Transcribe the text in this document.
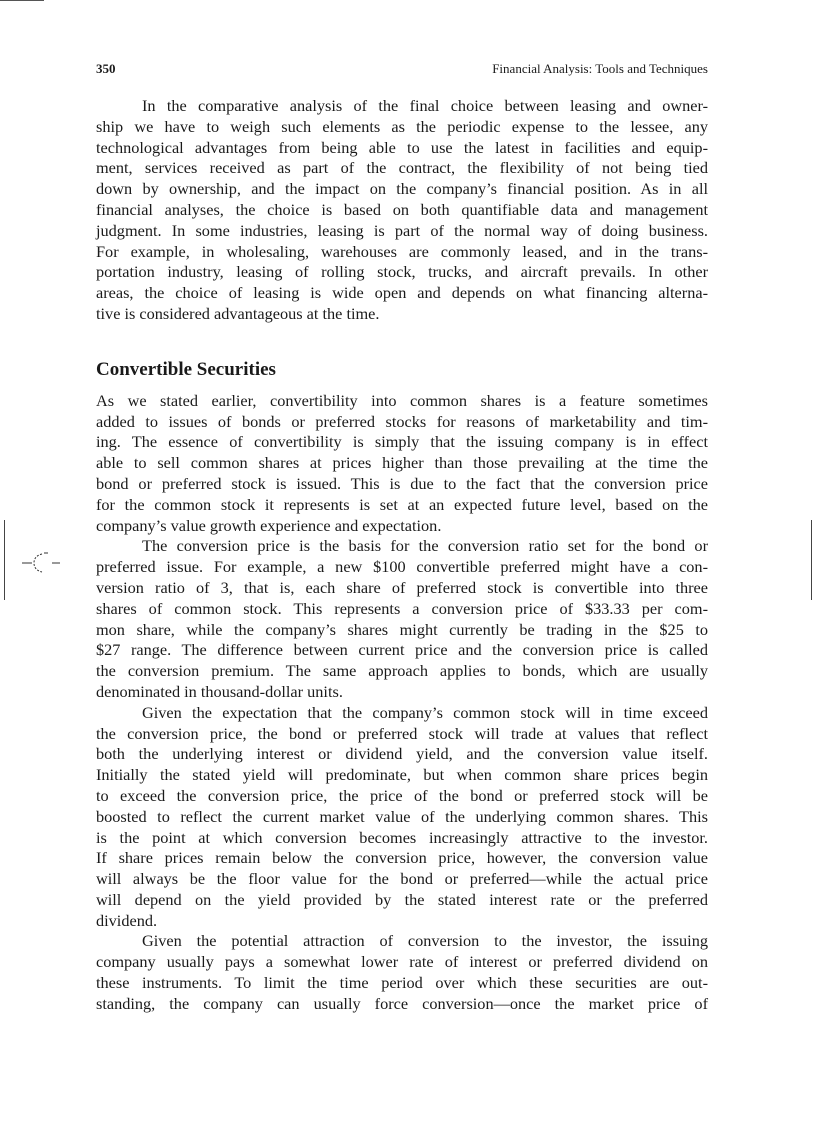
350	Financial Analysis: Tools and Techniques

In the comparative analysis of the final choice between leasing and owner-

ship we have to weigh such elements as the periodic expense to the lessee, any

technological advantages from being able to use the latest in facilities and equip-

ment, services received as part of the contract, the flexibility of not being tied

down by ownership, and the impact on the company’s financial position. As in all

financial analyses, the choice is based on both quantifiable data and management

judgment. In some industries, leasing is part of the normal way of doing business.

For example, in wholesaling, warehouses are commonly leased, and in the trans-

portation industry, leasing of rolling stock, trucks, and aircraft prevails. In other

areas, the choice of leasing is wide open and depends on what financing alterna-

tive is considered advantageous at the time.

Convertible Securities

As we stated earlier, convertibility into common shares is a feature sometimes

added to issues of bonds or preferred stocks for reasons of marketability and tim-

ing. The essence of convertibility is simply that the issuing company is in effect

able to sell common shares at prices higher than those prevailing at the time the

bond or preferred stock is issued. This is due to the fact that the conversion price

for the common stock it represents is set at an expected future level, based on the

company’s value growth experience and expectation.

The conversion price is the basis for the conversion ratio set for the bond or

preferred issue. For example, a new $100 convertible preferred might have a con-

version ratio of 3, that is, each share of preferred stock is convertible into three

shares of common stock. This represents a conversion price of $33.33 per com-

mon share, while the company’s shares might currently be trading in the $25 to

$27 range. The difference between current price and the conversion price is called

the conversion premium. The same approach applies to bonds, which are usually

denominated in thousand-dollar units.

Given the expectation that the company’s common stock will in time exceed

the conversion price, the bond or preferred stock will trade at values that reflect

both the underlying interest or dividend yield, and the conversion value itself.

Initially the stated yield will predominate, but when common share prices begin

to exceed the conversion price, the price of the bond or preferred stock will be

boosted to reflect the current market value of the underlying common shares. This

is the point at which conversion becomes increasingly attractive to the investor.

If share prices remain below the conversion price, however, the conversion value

will always be the floor value for the bond or preferred—while the actual price

will depend on the yield provided by the stated interest rate or the preferred

dividend.

Given the potential attraction of conversion to the investor, the issuing

company usually pays a somewhat lower rate of interest or preferred dividend on

these instruments. To limit the time period over which these securities are out-

standing, the company can usually force conversion—once the market price of
